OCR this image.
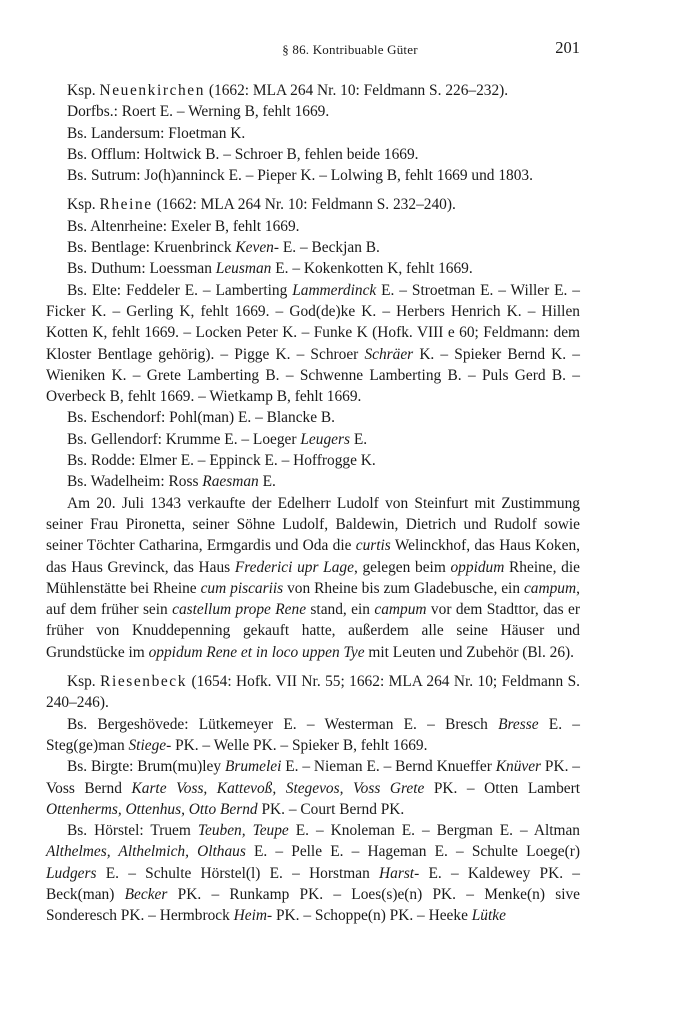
§ 86. Kontribuable Güter	201

Ksp. Neuenkirchen (1662: MLA 264 Nr. 10: Feldmann S. 226–232).

Dorfbs.: Roert E. – Werning B, fehlt 1669.

Bs. Landersum: Floetman K.

Bs. Offlum: Holtwick B. – Schroer B, fehlen beide 1669.

Bs. Sutrum: Jo(h)anninck E. – Pieper K. – Lolwing B, fehlt 1669 und 1803.

Ksp. Rheine (1662: MLA 264 Nr. 10: Feldmann S. 232–240).

Bs. Altenrheine: Exeler B, fehlt 1669.

Bs. Bentlage: Kruenbrinck Keven- E. – Beckjan B.

Bs. Duthum: Loessman Leusman E. – Kokenkotten K, fehlt 1669.

Bs. Elte: Feddeler E. – Lamberting Lammerdinck E. – Stroetman E. – Willer E. – Ficker K. – Gerling K, fehlt 1669. – God(de)ke K. – Herbers Henrich K. – Hillen Kotten K, fehlt 1669. – Locken Peter K. – Funke K (Hofk. VIII e 60; Feldmann: dem Kloster Bentlage gehörig). – Pigge K. – Schroer Schräer K. – Spieker Bernd K. – Wieniken K. – Grete Lamberting B. – Schwenne Lamberting B. – Puls Gerd B. – Overbeck B, fehlt 1669. – Wietkamp B, fehlt 1669.

Bs. Eschendorf: Pohl(man) E. – Blancke B.

Bs. Gellendorf: Krumme E. – Loeger Leugers E.

Bs. Rodde: Elmer E. – Eppinck E. – Hoffrogge K.

Bs. Wadelheim: Ross Raesman E.

Am 20. Juli 1343 verkaufte der Edelherr Ludolf von Steinfurt mit Zustimmung seiner Frau Pironetta, seiner Söhne Ludolf, Baldewin, Dietrich und Rudolf sowie seiner Töchter Catharina, Ermgardis und Oda die curtis Welinckhof, das Haus Koken, das Haus Grevinck, das Haus Frederici upr Lage, gelegen beim oppidum Rheine, die Mühlenstätte bei Rheine cum piscariis von Rheine bis zum Gladebusche, ein campum, auf dem früher sein castellum prope Rene stand, ein campum vor dem Stadttor, das er früher von Knuddepenning gekauft hatte, außerdem alle seine Häuser und Grundstücke im oppidum Rene et in loco uppen Tye mit Leuten und Zubehör (Bl. 26).

Ksp. Riesenbeck (1654: Hofk. VII Nr. 55; 1662: MLA 264 Nr. 10; Feldmann S. 240–246).

Bs. Bergeshövede: Lütkemeyer E. – Westerman E. – Bresch Bresse E. – Steg(ge)man Stiege- PK. – Welle PK. – Spieker B, fehlt 1669.

Bs. Birgte: Brum(mu)ley Brumelei E. – Nieman E. – Bernd Knueffer Knüver PK. – Voss Bernd Karte Voss, Kattevoß, Stegevos, Voss Grete PK. – Otten Lambert Ottenherms, Ottenhus, Otto Bernd PK. – Court Bernd PK.

Bs. Hörstel: Truem Teuben, Teupe E. – Knoleman E. – Bergman E. – Altman Althelmes, Althelmich, Olthaus E. – Pelle E. – Hageman E. – Schulte Loege(r) Ludgers E. – Schulte Hörstel(l) E. – Horstman Harst- E. – Kaldewey PK. – Beck(man) Becker PK. – Runkamp PK. – Loes(s)e(n) PK. – Menke(n) sive Sonderesch PK. – Hermbrock Heim- PK. – Schoppe(n) PK. – Heeke Lütke
